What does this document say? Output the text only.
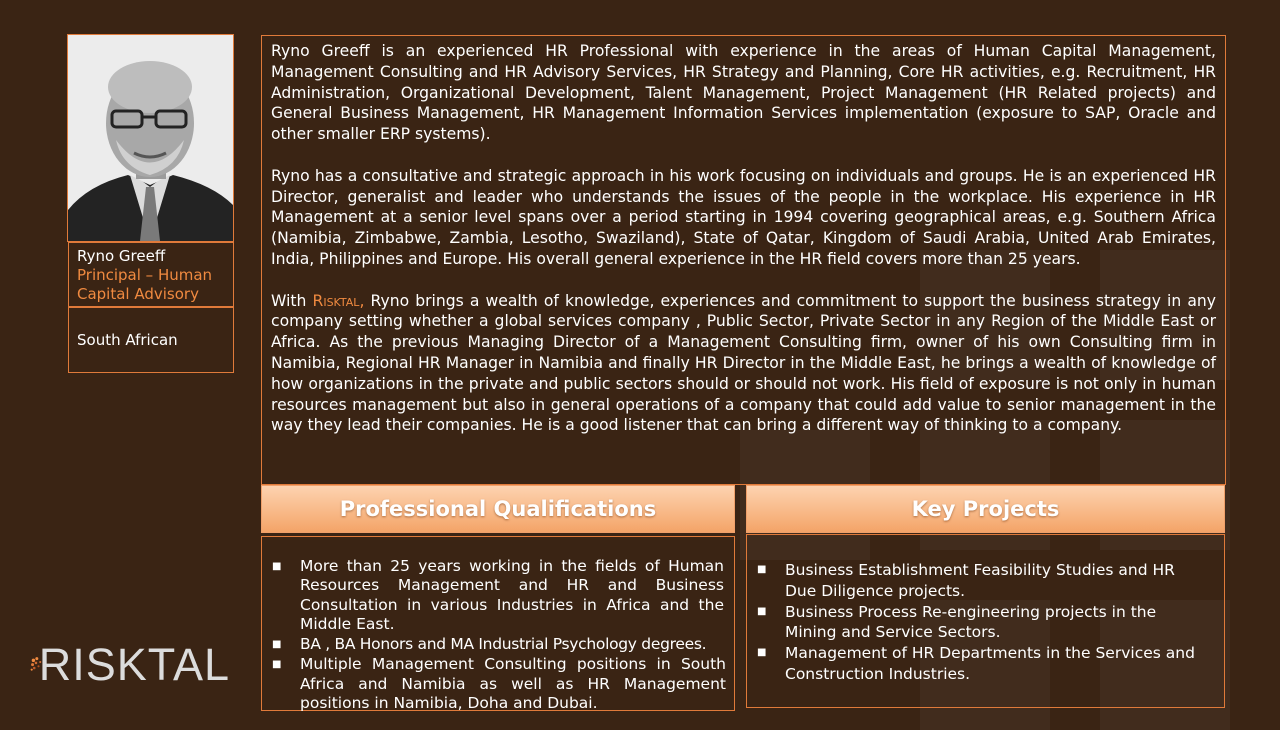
Ryno Greeff
Principal – Human Capital Advisory
South African

Ryno Greeff is an experienced HR Professional with experience in the areas of Human Capital Management, Management Consulting and HR Advisory Services, HR Strategy and Planning, Core HR activities, e.g. Recruitment, HR Administration, Organizational Development, Talent Management, Project Management (HR Related projects) and General Business Management, HR Management Information Services implementation (exposure to SAP, Oracle and other smaller ERP systems).

Ryno has a consultative and strategic approach in his work focusing on individuals and groups. He is an experienced HR Director, generalist and leader who understands the issues of the people in the workplace. His experience in HR Management at a senior level spans over a period starting in 1994 covering geographical areas, e.g. Southern Africa (Namibia, Zimbabwe, Zambia, Lesotho, Swaziland), State of Qatar, Kingdom of Saudi Arabia, United Arab Emirates, India, Philippines and Europe. His overall general experience in the HR field covers more than 25 years.

With Risktal, Ryno brings a wealth of knowledge, experiences and commitment to support the business strategy in any company setting whether a global services company , Public Sector, Private Sector in any Region of the Middle East or Africa. As the previous Managing Director of a Management Consulting firm, owner of his own Consulting firm in Namibia, Regional HR Manager in Namibia and finally HR Director in the Middle East, he brings a wealth of knowledge of how organizations in the private and public sectors should or should not work. His field of exposure is not only in human resources management but also in general operations of a company that could add value to senior management in the way they lead their companies. He is a good listener that can bring a different way of thinking to a company.

Professional Qualifications	Key Projects
■ More than 25 years working in the fields of Human Resources Management and HR and Business Consultation in various Industries in Africa and the Middle East.
■ BA , BA Honors and MA Industrial Psychology degrees.
■ Multiple Management Consulting positions in South Africa and Namibia as well as HR Management positions in Namibia, Doha and Dubai.
■ Business Establishment Feasibility Studies and HR Due Diligence projects.
■ Business Process Re-engineering projects in the Mining and Service Sectors.
■ Management of HR Departments in the Services and Construction Industries.
RISKTAL
